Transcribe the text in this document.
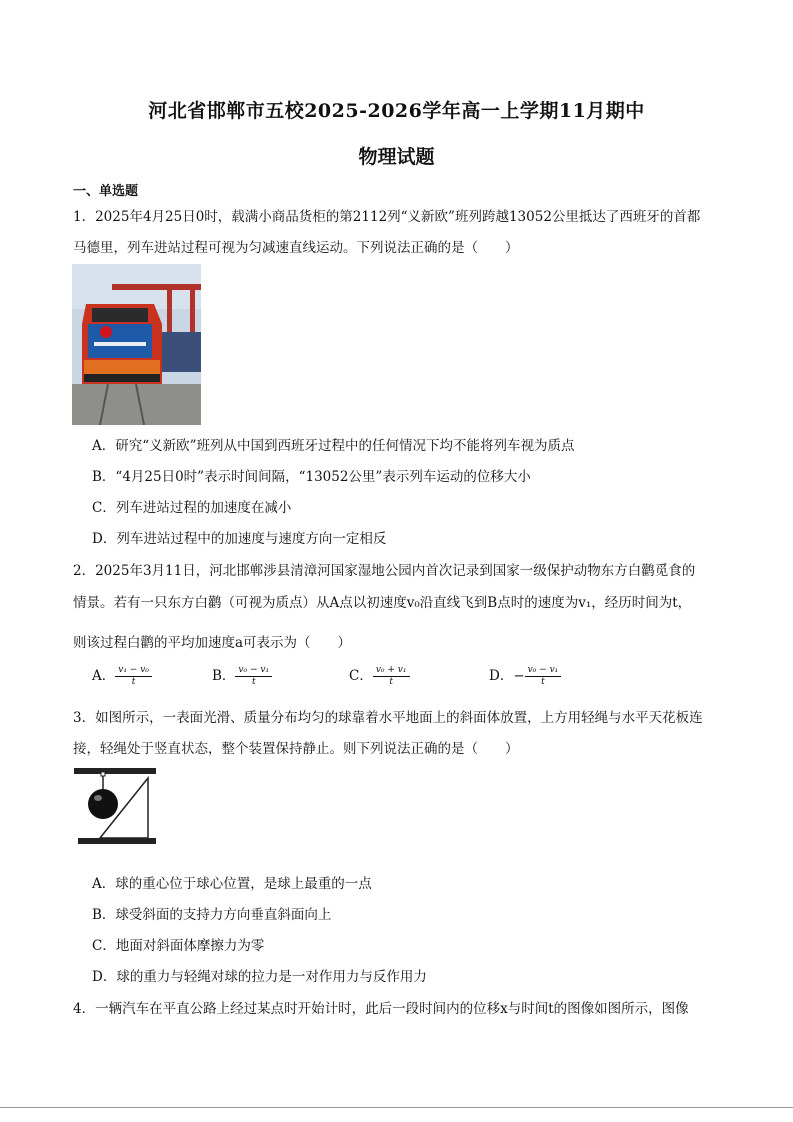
河北省邯郸市五校2025-2026学年高一上学期11月期中
物理试题
一、单选题
1．2025年4月25日0时，载满小商品货柜的第2112列“义新欧”班列跨越13052公里抵达了西班牙的首都
马德里，列车进站过程可视为匀减速直线运动。下列说法正确的是（　　）
A．研究“义新欧”班列从中国到西班牙过程中的任何情况下均不能将列车视为质点
B．“4月25日0时”表示时间间隔，“13052公里”表示列车运动的位移大小
C．列车进站过程的加速度在减小
D．列车进站过程中的加速度与速度方向一定相反
2．2025年3月11日，河北邯郸涉县清漳河国家湿地公园内首次记录到国家一级保护动物东方白鹳觅食的
情景。若有一只东方白鹳（可视为质点）从A点以初速度v₀沿直线飞到B点时的速度为v₁，经历时间为t，
则该过程白鹳的平均加速度a可表示为（　　）
A． $\frac{\text{v₁ − v₀}}{t}$	B． $\frac{\text{v₀ − v₁}}{t}$	C． $\frac{\text{v₀ + v₁}}{t}$	D．− $\frac{\text{v₀ − v₁}}{t}$
3．如图所示，一表面光滑、质量分布均匀的球靠着水平地面上的斜面体放置，上方用轻绳与水平天花板连
接，轻绳处于竖直状态，整个装置保持静止。则下列说法正确的是（　　）
A．球的重心位于球心位置，是球上最重的一点
B．球受斜面的支持力方向垂直斜面向上
C．地面对斜面体摩擦力为零
D．球的重力与轻绳对球的拉力是一对作用力与反作用力
4．一辆汽车在平直公路上经过某点时开始计时，此后一段时间内的位移x与时间t的图像如图所示，图像
